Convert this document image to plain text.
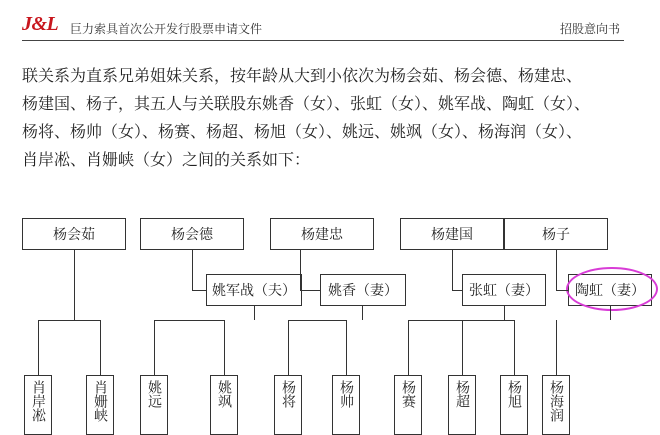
J&L 巨力索具首次公开发行股票申请文件	招股意向书
联关系为直系兄弟姐妹关系，按年龄从大到小依次为杨会茹、杨会德、杨建忠、
杨建国、杨子，其五人与关联股东姚香（女）、张虹（女）、姚军战、陶虹（女）、
杨将、杨帅（女）、杨赛、杨超、杨旭（女）、姚远、姚飒（女）、杨海润（女）、
肖岸凇、肖姗峡（女）之间的关系如下：
杨会茹	杨会德	杨建忠	杨建国	杨子
姚军战（夫）	姚香（妻）	张虹（妻）	陶虹（妻）
肖岸凇	肖姗峡	姚远	姚飒	杨将	杨帅	杨赛	杨超	杨旭	杨海润
